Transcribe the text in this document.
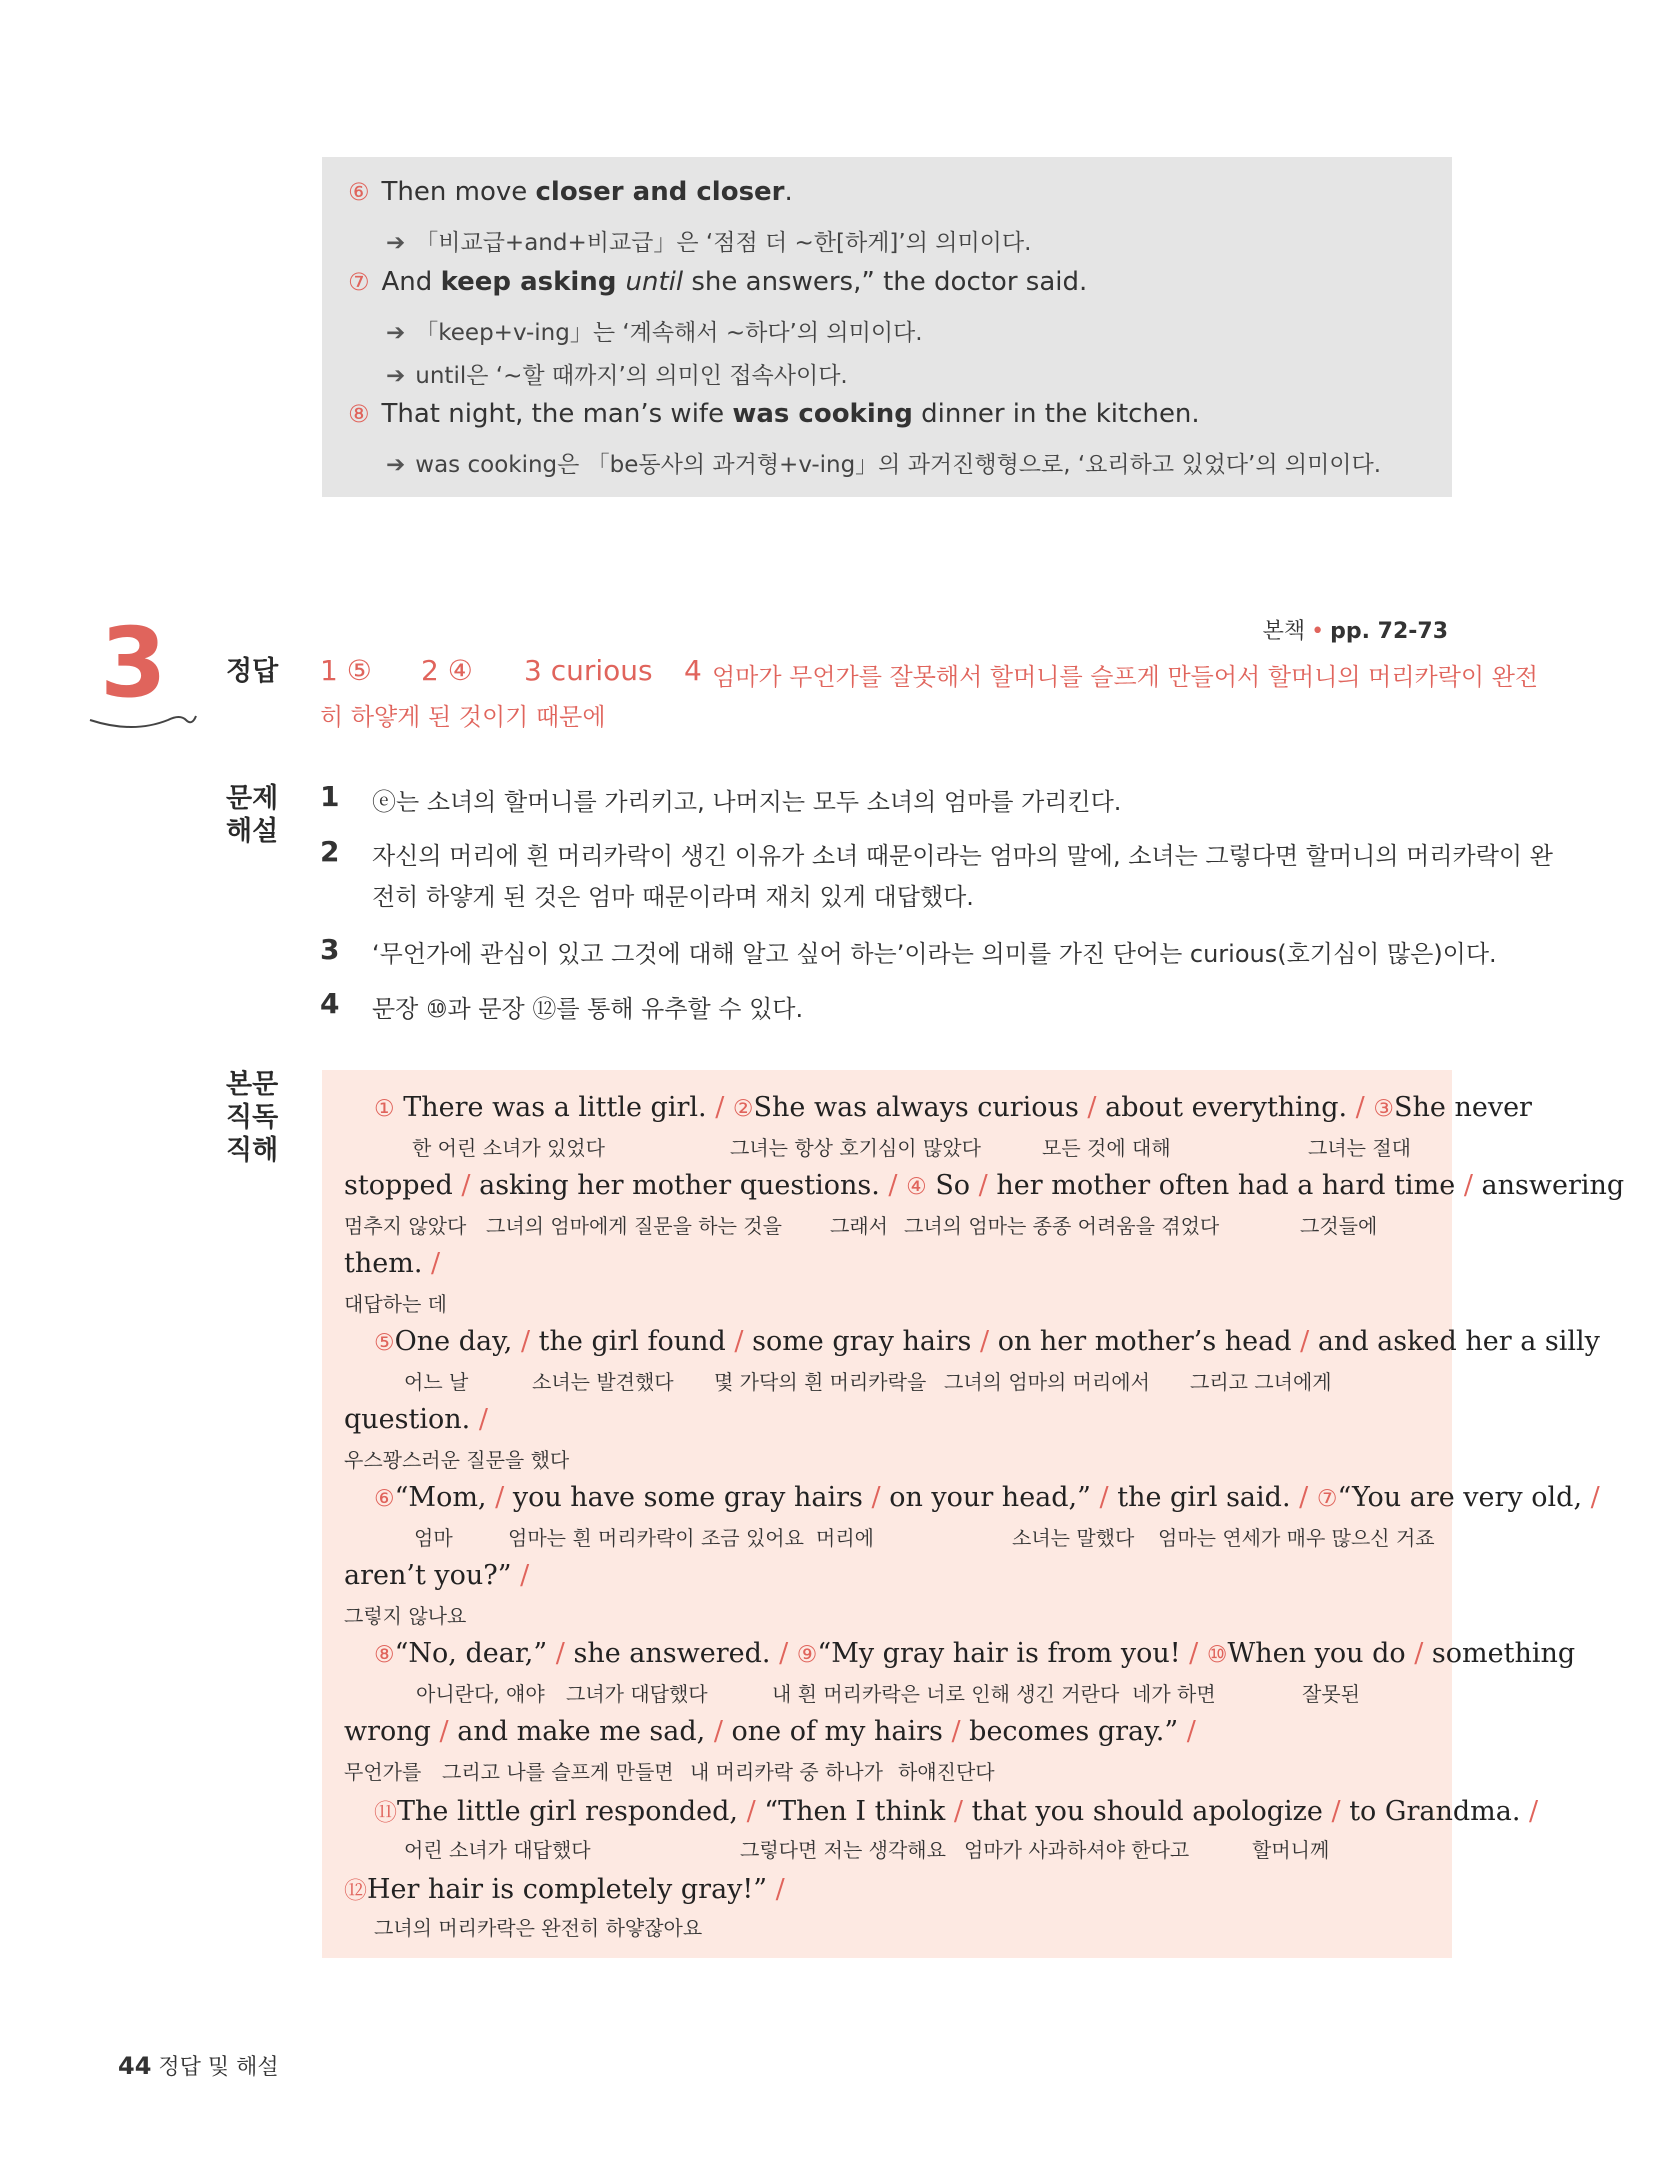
⑥ Then move closer and closer.
➔ 「비교급+and+비교급」은 ‘점점 더 ~한[하게]’의 의미이다.
⑦ And keep asking until she answers,” the doctor said.
➔ 「keep+v-ing」는 ‘계속해서 ~하다’의 의미이다.
➔ until은 ‘~할 때까지’의 의미인 접속사이다.
⑧ That night, the man’s wife was cooking dinner in the kitchen.
➔ was cooking은 「be동사의 과거형+v-ing」의 과거진행형으로, ‘요리하고 있었다’의 의미이다.
3	본책 • pp. 72-73
정답 1 ⑤ 2 ④ 3 curious 4 엄마가 무언가를 잘못해서 할머니를 슬프게 만들어서 할머니의 머리카락이 완전
히 하얗게 된 것이기 때문에
문제
해설
1 ⓔ는 소녀의 할머니를 가리키고, 나머지는 모두 소녀의 엄마를 가리킨다.
2 자신의 머리에 흰 머리카락이 생긴 이유가 소녀 때문이라는 엄마의 말에, 소녀는 그렇다면 할머니의 머리카락이 완
전히 하얗게 된 것은 엄마 때문이라며 재치 있게 대답했다.
3 ‘무언가에 관심이 있고 그것에 대해 알고 싶어 하는’이라는 의미를 가진 단어는 curious(호기심이 많은)이다.
4 문장 ⑩과 문장 ⑫를 통해 유추할 수 있다.
본문
직독
직해
① There was a little girl. / ②She was always curious / about everything. / ③She never
한 어린 소녀가 있었다	그녀는 항상 호기심이 많았다	모든 것에 대해	그녀는 절대
stopped / asking her mother questions. / ④ So / her mother often had a hard time / answering
멈추지 않았다 그녀의 엄마에게 질문을 하는 것을 그래서 그녀의 엄마는 종종 어려움을 겪었다	그것들에
them. /
대답하는 데
⑤One day, / the girl found / some gray hairs / on her mother’s head / and asked her a silly
어느 날	소녀는 발견했다 몇 가닥의 흰 머리카락을 그녀의 엄마의 머리에서 그리고 그녀에게
question. /
우스꽝스러운 질문을 했다
⑥“Mom, / you have some gray hairs / on your head,” / the girl said. / ⑦“You are very old, /
엄마	엄마는 흰 머리카락이 조금 있어요 머리에	소녀는 말했다 엄마는 연세가 매우 많으신 거죠
aren’t you?” /
그렇지 않나요
⑧“No, dear,” / she answered. / ⑨“My gray hair is from you! / ⑩When you do / something
아니란다, 얘야 그녀가 대답했다	내 흰 머리카락은 너로 인해 생긴 거란다 네가 하면	잘못된
wrong / and make me sad, / one of my hairs / becomes gray.” /
무언가를 그리고 나를 슬프게 만들면 내 머리카락 중 하나가 하얘진단다
⑪The little girl responded, / “Then I think / that you should apologize / to Grandma. /
어린 소녀가 대답했다	그렇다면 저는 생각해요 엄마가 사과하셔야 한다고	할머니께
⑫Her hair is completely gray!” /
그녀의 머리카락은 완전히 하얗잖아요
44 정답 및 해설
